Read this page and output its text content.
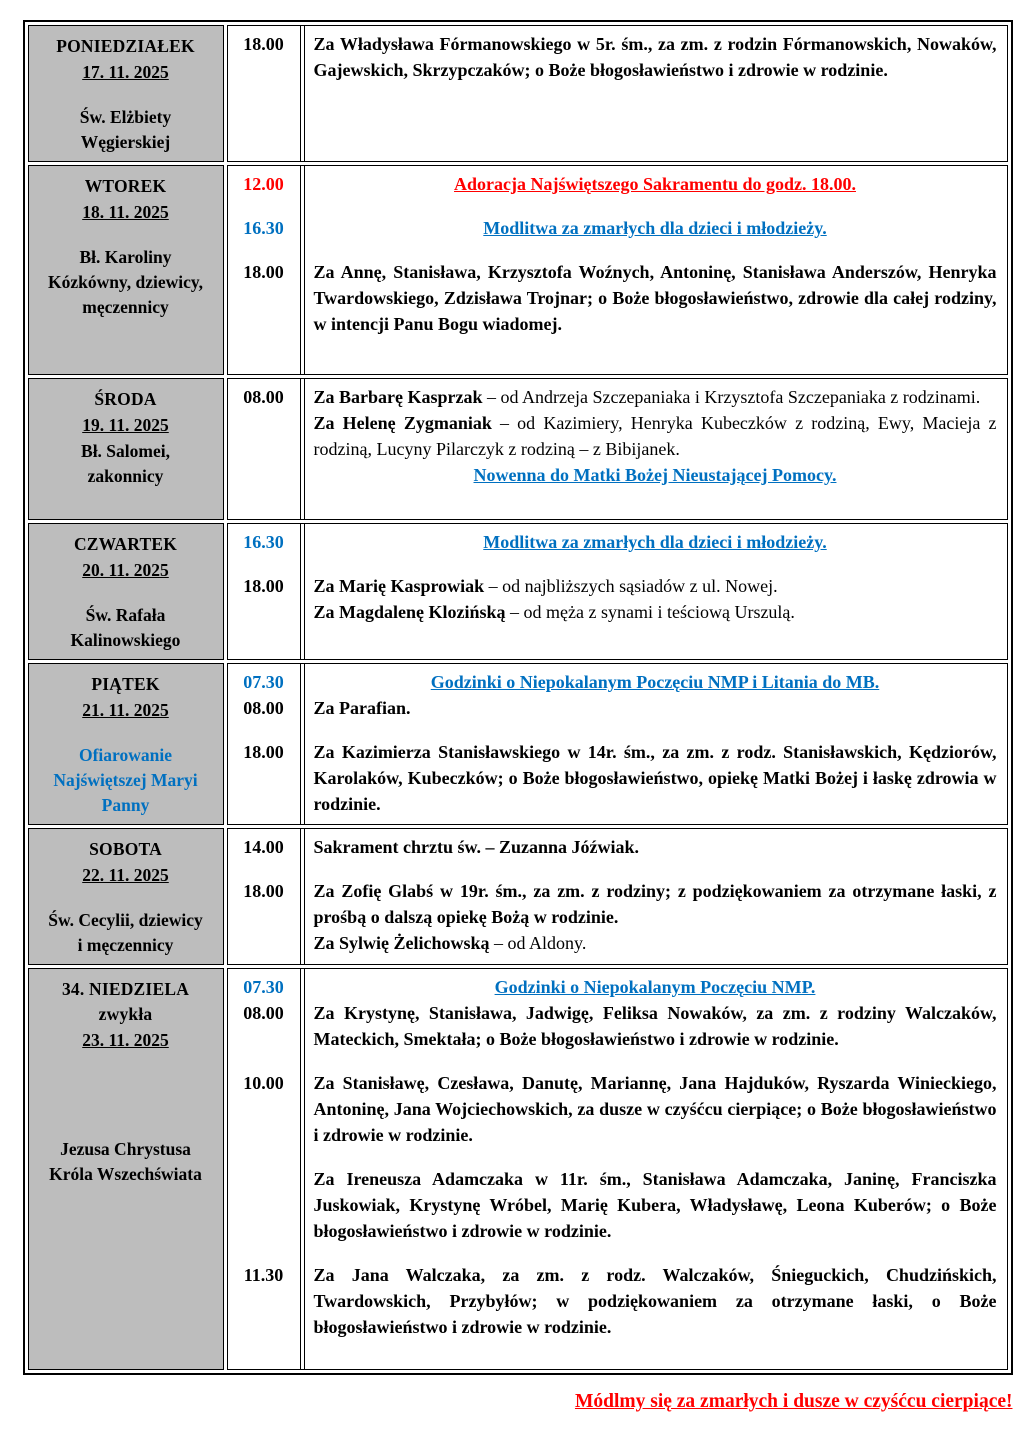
PONIEDZIAŁEK
17. 11. 2025
Św. Elżbiety
Węgierskiej

18.00	Za Władysława Fórmanowskiego w 5r. śm., za zm. z rodzin Fórmanowskich, Nowaków, Gajewskich, Skrzypczaków; o Boże błogosławieństwo i zdrowie w rodzinie.

WTOREK
18. 11. 2025
Bł. Karoliny
Kózkówny, dziewicy,
męczennicy

12.00	Adoracja Najświętszego Sakramentu do godz. 18.00.

16.30	Modlitwa za zmarłych dla dzieci i młodzieży.

18.00	Za Annę, Stanisława, Krzysztofa Woźnych, Antoninę, Stanisława Anderszów, Henryka Twardowskiego, Zdzisława Trojnar; o Boże błogosławieństwo, zdrowie dla całej rodziny, w intencji Panu Bogu wiadomej.

ŚRODA
19. 11. 2025
Bł. Salomei,
zakonnicy

08.00	Za Barbarę Kasprzak – od Andrzeja Szczepaniaka i Krzysztofa Szczepaniaka z rodzinami.

Za Helenę Zygmaniak – od Kazimiery, Henryka Kubeczków z rodziną, Ewy, Macieja z rodziną, Lucyny Pilarczyk z rodziną – z Bibijanek.

Nowenna do Matki Bożej Nieustającej Pomocy.

CZWARTEK
20. 11. 2025
Św. Rafała
Kalinowskiego

16.30	Modlitwa za zmarłych dla dzieci i młodzieży.

18.00	Za Marię Kasprowiak – od najbliższych sąsiadów z ul. Nowej.

Za Magdalenę Klozińską – od męża z synami i teściową Urszulą.

PIĄTEK
21. 11. 2025
Ofiarowanie
Najświętszej Maryi
Panny

07.30	Godzinki o Niepokalanym Poczęciu NMP i Litania do MB.

08.00	Za Parafian.

18.00	Za Kazimierza Stanisławskiego w 14r. śm., za zm. z rodz. Stanisławskich, Kędziorów, Karolaków, Kubeczków; o Boże błogosławieństwo, opiekę Matki Bożej i łaskę zdrowia w rodzinie.

SOBOTA
22. 11. 2025
Św. Cecylii, dziewicy
i męczennicy

14.00	Sakrament chrztu św. – Zuzanna Jóźwiak.

18.00	Za Zofię Glabś w 19r. śm., za zm. z rodziny; z podziękowaniem za otrzymane łaski, z prośbą o dalszą opiekę Bożą w rodzinie.

Za Sylwię Żelichowską – od Aldony.

34. NIEDZIELA
zwykła
23. 11. 2025
Jezusa Chrystusa
Króla Wszechświata

07.30	Godzinki o Niepokalanym Poczęciu NMP.

08.00	Za Krystynę, Stanisława, Jadwigę, Feliksa Nowaków, za zm. z rodziny Walczaków, Mateckich, Smektała; o Boże błogosławieństwo i zdrowie w rodzinie.

10.00	Za Stanisławę, Czesława, Danutę, Mariannę, Jana Hajduków, Ryszarda Winieckiego, Antoninę, Jana Wojciechowskich, za dusze w czyśćcu cierpiące; o Boże błogosławieństwo i zdrowie w rodzinie.

Za Ireneusza Adamczaka w 11r. śm., Stanisława Adamczaka, Janinę, Franciszka Juskowiak, Krystynę Wróbel, Marię Kubera, Władysławę, Leona Kuberów; o Boże błogosławieństwo i zdrowie w rodzinie.

11.30	Za Jana Walczaka, za zm. z rodz. Walczaków, Śnieguckich, Chudzińskich, Twardowskich, Przybyłów; w podziękowaniem za otrzymane łaski, o Boże błogosławieństwo i zdrowie w rodzinie.

Módlmy się za zmarłych i dusze w czyśćcu cierpiące!
